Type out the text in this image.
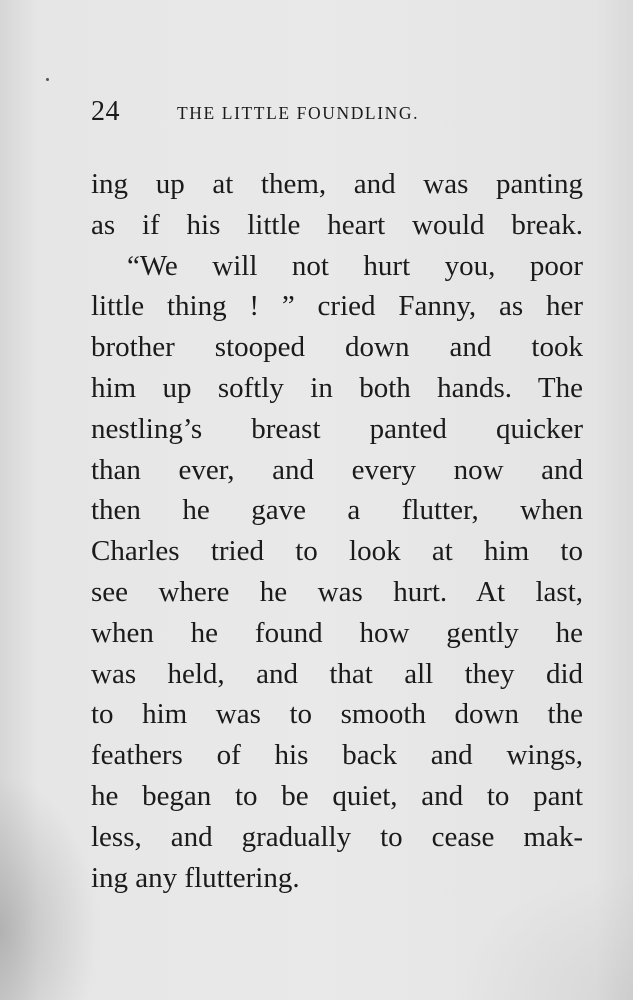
24	THE LITTLE FOUNDLING.
ing up at them, and was panting
as if his little heart would break.
“We will not hurt you, poor
little thing ! ” cried Fanny, as her
brother stooped down and took
him up softly in both hands. The
nestling’s breast panted quicker
than ever, and every now and
then he gave a flutter, when
Charles tried to look at him to
see where he was hurt. At last,
when he found how gently he
was held, and that all they did
to him was to smooth down the
feathers of his back and wings,
he began to be quiet, and to pant
less, and gradually to cease mak-
ing any fluttering.
